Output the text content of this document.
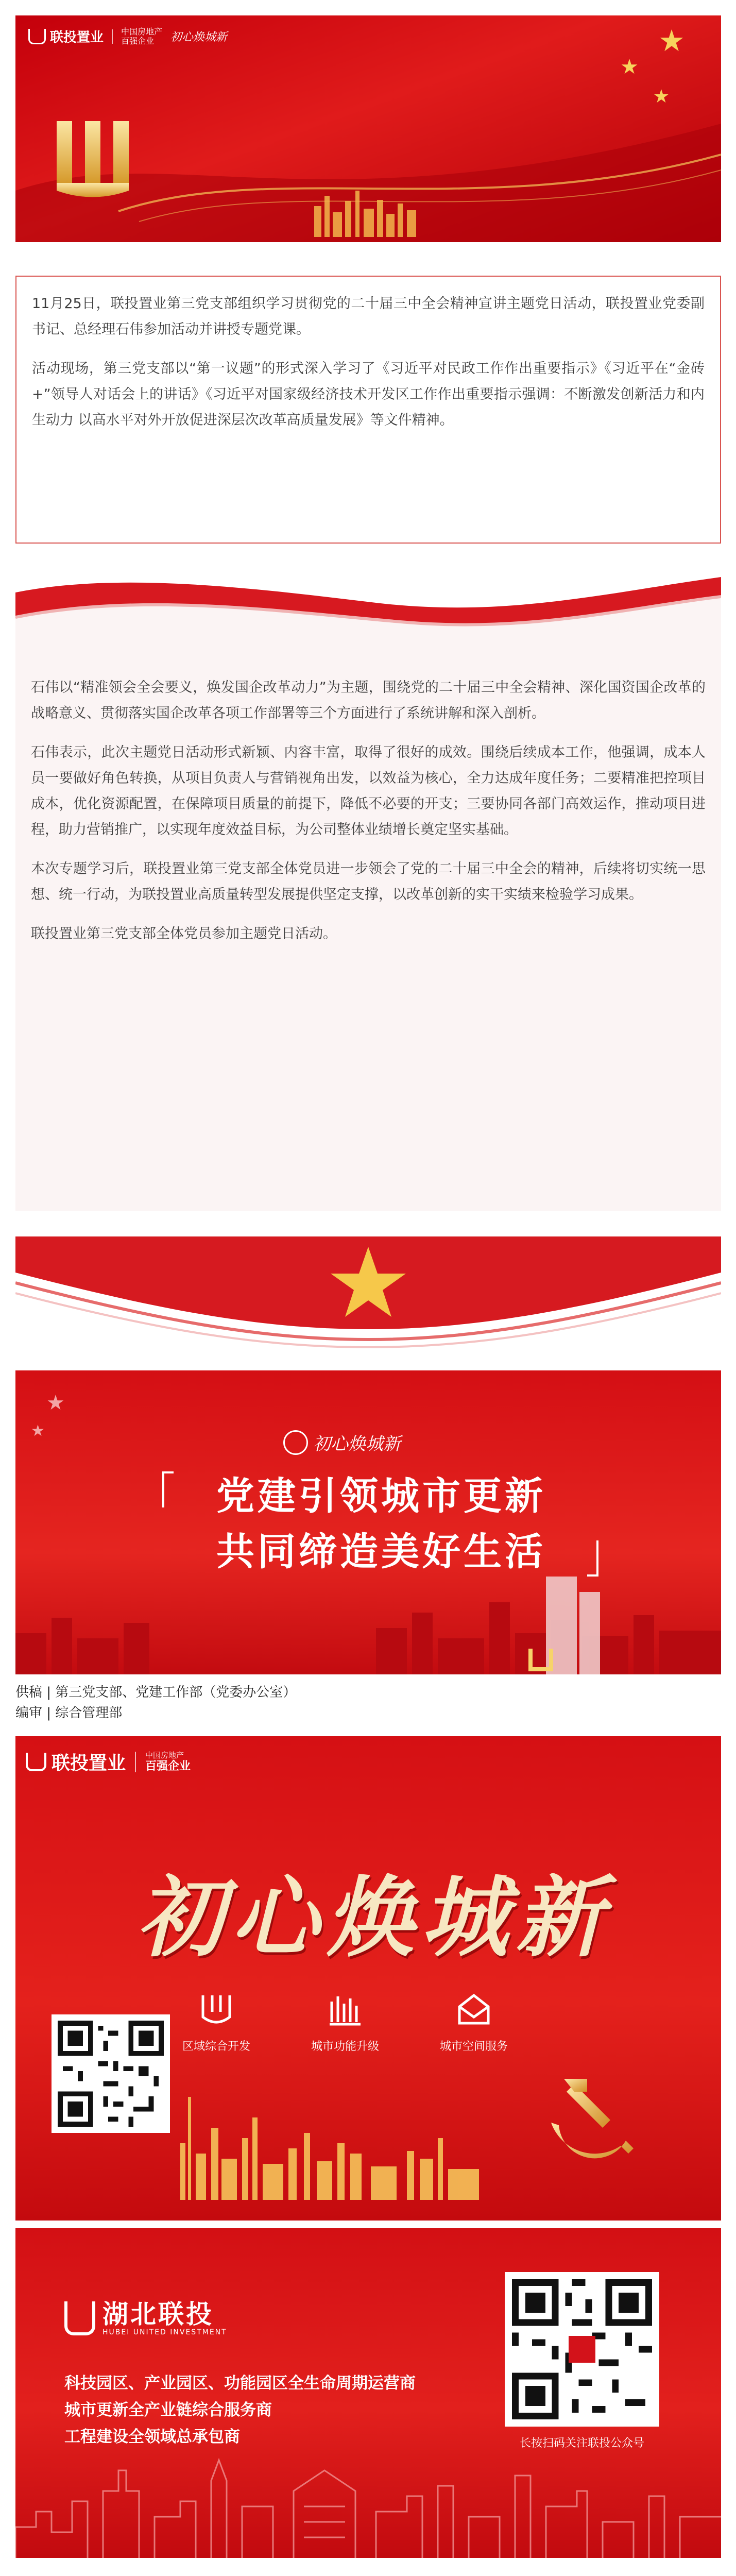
联投置业 中国房地产
百强企业	初心焕城新	★
★
★

11月25日，联投置业第三党支部组织学习贯彻党的二十届三中全会精神宣讲主题党日活动，联投置业党委副书记、总经理石伟参加活动并讲授专题党课。

活动现场，第三党支部以“第一议题”的形式深入学习了《习近平对民政工作作出重要指示》《习近平在“金砖+”领导人对话会上的讲话》《习近平对国家级经济技术开发区工作作出重要指示强调：不断激发创新活力和内生动力 以高水平对外开放促进深层次改革高质量发展》等文件精神。

石伟以“精准领会全会要义，焕发国企改革动力”为主题，围绕党的二十届三中全会精神、深化国资国企改革的战略意义、贯彻落实国企改革各项工作部署等三个方面进行了系统讲解和深入剖析。

石伟表示，此次主题党日活动形式新颖、内容丰富，取得了很好的成效。围绕后续成本工作，他强调，成本人员一要做好角色转换，从项目负责人与营销视角出发，以效益为核心，全力达成年度任务；二要精准把控项目成本，优化资源配置，在保障项目质量的前提下，降低不必要的开支；三要协同各部门高效运作，推动项目进程，助力营销推广，以实现年度效益目标，为公司整体业绩增长奠定坚实基础。

本次专题学习后，联投置业第三党支部全体党员进一步领会了党的二十届三中全会的精神，后续将切实统一思想、统一行动，为联投置业高质量转型发展提供坚定支撑，以改革创新的实干实绩来检验学习成果。

联投置业第三党支部全体党员参加主题党日活动。

★
★
初心焕城新
党建引领城市更新
共同缔造美好生活
供稿 | 第三党支部、党建工作部（党委办公室）
编审 | 综合管理部
联投置业	中国房地产
百强企业
初心焕城新
区域综合开发	城市功能升级	城市空间服务
湖北联投
HUBEI UNITED INVESTMENT
科技园区、产业园区、功能园区全生命周期运营商
城市更新全产业链综合服务商
工程建设全领域总承包商	长按扫码关注联投公众号
